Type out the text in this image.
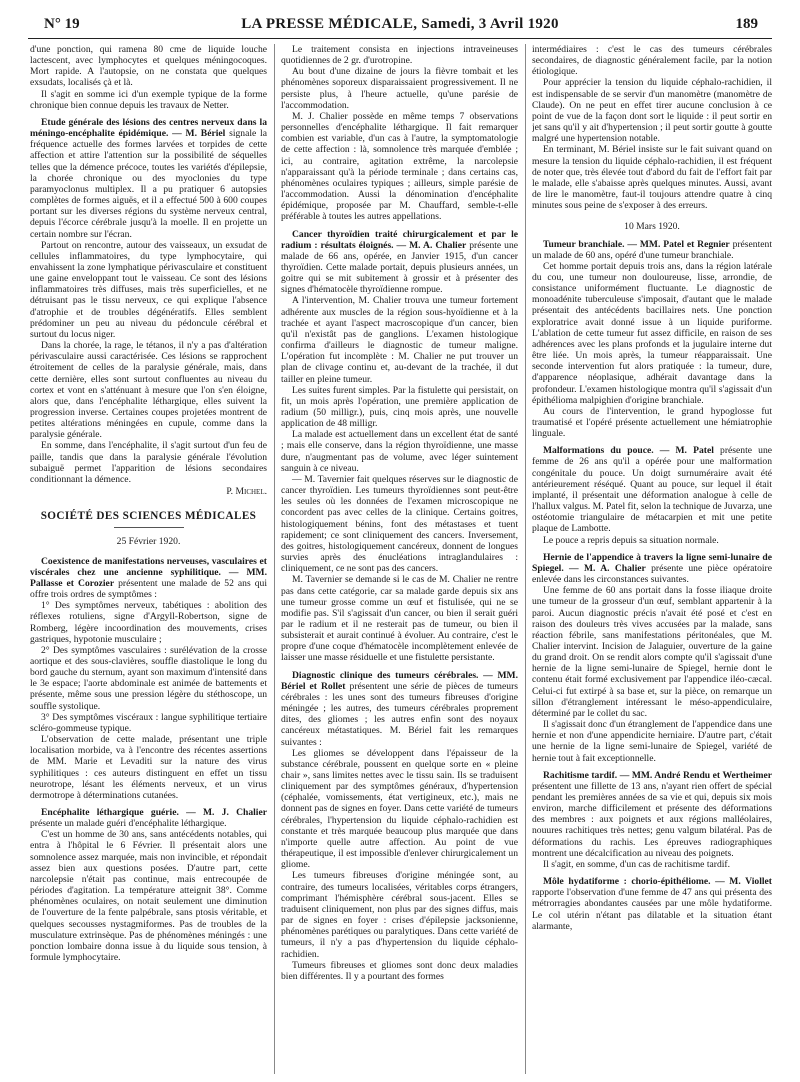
N° 19	LA PRESSE MÉDICALE, Samedi, 3 Avril 1920	189

d'une ponction, qui ramena 80 cme de liquide louche lactescent, avec lymphocytes et quelques méningocoques. Mort rapide. A l'autopsie, on ne constata que quelques exsudats, localisés çà et là.

Il s'agit en somme ici d'un exemple typique de la forme chronique bien connue depuis les travaux de Netter.

Etude générale des lésions des centres nerveux dans la méningo-encéphalite épidémique. — M. Bériel signale la fréquence actuelle des formes larvées et torpides de cette affection et attire l'attention sur la possibilité de séquelles telles que la démence précoce, toutes les variétés d'épilepsie, la chorée chronique ou des myoclonies du type paramyoclonus multiplex. Il a pu pratiquer 6 autopsies complètes de formes aiguës, et il a effectué 500 à 600 coupes portant sur les diverses régions du système nerveux central, depuis l'écorce cérébrale jusqu'à la moelle. Il en projette un certain nombre sur l'écran.

Partout on rencontre, autour des vaisseaux, un exsudat de cellules inflammatoires, du type lymphocytaire, qui envahissent la zone lymphatique périvasculaire et constituent une gaine enveloppant tout le vaisseau. Ce sont des lésions inflammatoires très diffuses, mais très superficielles, et ne détruisant pas le tissu nerveux, ce qui explique l'absence d'atrophie et de troubles dégénératifs. Elles semblent prédominer un peu au niveau du pédoncule cérébral et surtout du locus niger.

Dans la chorée, la rage, le tétanos, il n'y a pas d'altération périvasculaire aussi caractérisée. Ces lésions se rapprochent étroitement de celles de la paralysie générale, mais, dans cette dernière, elles sont surtout confluentes au niveau du cortex et vont en s'atténuant à mesure que l'on s'en éloigne, alors que, dans l'encéphalite léthargique, elles suivent la progression inverse. Certaines coupes projetées montrent de petites altérations méningées en cupule, comme dans la paralysie générale.

En somme, dans l'encéphalite, il s'agit surtout d'un feu de paille, tandis que dans la paralysie générale l'évolution subaiguë permet l'apparition de lésions secondaires conditionnant la démence.

P. Michel.
SOCIÉTÉ DES SCIENCES MÉDICALES
25 Février 1920.

Coexistence de manifestations nerveuses, vasculaires et viscérales chez une ancienne syphilitique. — MM. Pallasse et Corozier présentent une malade de 52 ans qui offre trois ordres de symptômes :

1° Des symptômes nerveux, tabétiques : abolition des réflexes rotuliens, signe d'Argyll-Robertson, signe de Romberg, légère incoordination des mouvements, crises gastriques, hypotonie musculaire ;

2° Des symptômes vasculaires : surélévation de la crosse aortique et des sous-clavières, souffle diastolique le long du bord gauche du sternum, ayant son maximum d'intensité dans le 3e espace; l'aorte abdominale est animée de battements et présente, même sous une pression légère du stéthoscope, un souffle systolique.

3° Des symptômes viscéraux : langue syphilitique tertiaire scléro-gommeuse typique.

L'observation de cette malade, présentant une triple localisation morbide, va à l'encontre des récentes assertions de MM. Marie et Levaditi sur la nature des virus syphilitiques : ces auteurs distinguent en effet un tissu neurotrope, lésant les éléments nerveux, et un virus dermotrope à déterminations cutanées.

Encéphalite léthargique guérie. — M. J. Chalier présente un malade guéri d'encéphalite léthargique.

C'est un homme de 30 ans, sans antécédents notables, qui entra à l'hôpital le 6 Février. Il présentait alors une somnolence assez marquée, mais non invincible, et répondait assez bien aux questions posées. D'autre part, cette narcolepsie n'était pas continue, mais entrecoupée de périodes d'agitation. La température atteignit 38°. Comme phénomènes oculaires, on notait seulement une diminution de l'ouverture de la fente palpébrale, sans ptosis véritable, et quelques secousses nystagmiformes. Pas de troubles de la musculature extrinsèque. Pas de phénomènes méningés : une ponction lombaire donna issue à du liquide sous tension, à formule lymphocytaire.

Le traitement consista en injections intraveineuses quotidiennes de 2 gr. d'urotropine.

Au bout d'une dizaine de jours la fièvre tombait et les phénomènes soporeux disparaissaient progressivement. Il ne persiste plus, à l'heure actuelle, qu'une parésie de l'accommodation.

M. J. Chalier possède en même temps 7 observations personnelles d'encéphalite léthargique. Il fait remarquer combien est variable, d'un cas à l'autre, la symptomatologie de cette affection : là, somnolence très marquée d'emblée ; ici, au contraire, agitation extrême, la narcolepsie n'apparaissant qu'à la période terminale ; dans certains cas, phénomènes oculaires typiques ; ailleurs, simple parésie de l'accommodation. Aussi la dénomination d'encéphalite épidémique, proposée par M. Chauffard, semble-t-elle préférable à toutes les autres appellations.

Cancer thyroïdien traité chirurgicalement et par le radium : résultats éloignés. — M. A. Chalier présente une malade de 66 ans, opérée, en Janvier 1915, d'un cancer thyroïdien. Cette malade portait, depuis plusieurs années, un goitre qui se mit subitement à grossir et à présenter des signes d'hématocèle thyroïdienne rompue.

A l'intervention, M. Chalier trouva une tumeur fortement adhérente aux muscles de la région sous-hyoïdienne et à la trachée et ayant l'aspect macroscopique d'un cancer, bien qu'il n'existât pas de ganglions. L'examen histologique confirma d'ailleurs le diagnostic de tumeur maligne. L'opération fut incomplète : M. Chalier ne put trouver un plan de clivage continu et, au-devant de la trachée, il dut tailler en pleine tumeur.

Les suites furent simples. Par la fistulette qui persistait, on fit, un mois après l'opération, une première application de radium (50 milligr.), puis, cinq mois après, une nouvelle application de 48 milligr.

La malade est actuellement dans un excellent état de santé ; mais elle conserve, dans la région thyroïdienne, une masse dure, n'augmentant pas de volume, avec léger suintement sanguin à ce niveau.

— M. Tavernier fait quelques réserves sur le diagnostic de cancer thyroïdien. Les tumeurs thyroïdiennes sont peut-être les seules où les données de l'examen microscopique ne concordent pas avec celles de la clinique. Certains goitres, histologiquement bénins, font des métastases et tuent rapidement; ce sont cliniquement des cancers. Inversement, des goitres, histologiquement cancéreux, donnent de longues survies après des énucléations intraglandulaires : cliniquement, ce ne sont pas des cancers.

M. Tavernier se demande si le cas de M. Chalier ne rentre pas dans cette catégorie, car sa malade garde depuis six ans une tumeur grosse comme un œuf et fistulisée, qui ne se modifie pas. S'il s'agissait d'un cancer, ou bien il serait guéri par le radium et il ne resterait pas de tumeur, ou bien il subsisterait et aurait continué à évoluer. Au contraire, c'est le propre d'une coque d'hématocèle incomplètement enlevée de laisser une masse résiduelle et une fistulette persistante.

Diagnostic clinique des tumeurs cérébrales. — MM. Bériel et Rollet présentent une série de pièces de tumeurs cérébrales : les unes sont des tumeurs fibreuses d'origine méningée ; les autres, des tumeurs cérébrales proprement dites, des gliomes ; les autres enfin sont des noyaux cancéreux métastatiques. M. Bériel fait les remarques suivantes :

Les gliomes se développent dans l'épaisseur de la substance cérébrale, poussent en quelque sorte en « pleine chair », sans limites nettes avec le tissu sain. Ils se traduisent cliniquement par des symptômes généraux, d'hypertension (céphalée, vomissements, état vertigineux, etc.), mais ne donnent pas de signes en foyer. Dans cette variété de tumeurs cérébrales, l'hypertension du liquide céphalo-rachidien est constante et très marquée beaucoup plus marquée que dans n'importe quelle autre affection. Au point de vue thérapeutique, il est impossible d'enlever chirurgicalement un gliome.

Les tumeurs fibreuses d'origine méningée sont, au contraire, des tumeurs localisées, véritables corps étrangers, comprimant l'hémisphère cérébral sous-jacent. Elles se traduisent cliniquement, non plus par des signes diffus, mais par de signes en foyer : crises d'épilepsie jacksonienne, phénomènes parétiques ou paralytiques. Dans cette variété de tumeurs, il n'y a pas d'hypertension du liquide céphalo-rachidien.

Tumeurs fibreuses et gliomes sont donc deux maladies bien différentes. Il y a pourtant des formes

intermédiaires : c'est le cas des tumeurs cérébrales secondaires, de diagnostic généralement facile, par la notion étiologique.

Pour apprécier la tension du liquide céphalo-rachidien, il est indispensable de se servir d'un manomètre (manomètre de Claude). On ne peut en effet tirer aucune conclusion à ce point de vue de la façon dont sort le liquide : il peut sortir en jet sans qu'il y ait d'hypertension ; il peut sortir goutte à goutte malgré une hypertension notable.

En terminant, M. Bériel insiste sur le fait suivant quand on mesure la tension du liquide céphalo-rachidien, il est fréquent de noter que, très élevée tout d'abord du fait de l'effort fait par le malade, elle s'abaisse après quelques minutes. Aussi, avant de lire le manomètre, faut-il toujours attendre quatre à cinq minutes sous peine de s'exposer à des erreurs.

10 Mars 1920.

Tumeur branchiale. — MM. Patel et Regnier présentent un malade de 60 ans, opéré d'une tumeur branchiale.

Cet homme portait depuis trois ans, dans la région latérale du cou, une tumeur non douloureuse, lisse, arrondie, de consistance uniformément fluctuante. Le diagnostic de monoadénite tuberculeuse s'imposait, d'autant que le malade présentait des antécédents bacillaires nets. Une ponction exploratrice avait donné issue à un liquide puriforme. L'ablation de cette tumeur fut assez difficile, en raison de ses adhérences avec les plans profonds et la jugulaire interne dut être liée. Un mois après, la tumeur réapparaissait. Une seconde intervention fut alors pratiquée : la tumeur, dure, d'apparence néoplasique, adhérait davantage dans la profondeur. L'examen histologique montra qu'il s'agissait d'un épithélioma malpighien d'origine branchiale.

Au cours de l'intervention, le grand hypoglosse fut traumatisé et l'opéré présente actuellement une hémiatrophie linguale.

Malformations du pouce. — M. Patel présente une femme de 26 ans qu'il a opérée pour une malformation congénitale du pouce. Un doigt surnuméraire avait été antérieurement réséqué. Quant au pouce, sur lequel il était implanté, il présentait une déformation analogue à celle de l'hallux valgus. M. Patel fit, selon la technique de Juvarza, une ostéotomie triangulaire de métacarpien et mit une petite plaque de Lambotte.

Le pouce a repris depuis sa situation normale.

Hernie de l'appendice à travers la ligne semi-lunaire de Spiegel. — M. A. Chalier présente une pièce opératoire enlevée dans les circonstances suivantes.

Une femme de 60 ans portait dans la fosse iliaque droite une tumeur de la grosseur d'un œuf, semblant appartenir à la paroi. Aucun diagnostic précis n'avait été posé et c'est en raison des douleurs très vives accusées par la malade, sans réaction fébrile, sans manifestations péritonéales, que M. Chalier intervint. Incision de Jalaguier, ouverture de la gaine du grand droit. On se rendit alors compte qu'il s'agissait d'une hernie de la ligne semi-lunaire de Spiegel, hernie dont le contenu était formé exclusivement par l'appendice iléo-cæcal. Celui-ci fut extirpé à sa base et, sur la pièce, on remarque un sillon d'étranglement intéressant le méso-appendiculaire, déterminé par le collet du sac.

Il s'agissait donc d'un étranglement de l'appendice dans une hernie et non d'une appendicite herniaire. D'autre part, c'était une hernie de la ligne semi-lunaire de Spiegel, variété de hernie tout à fait exceptionnelle.

Rachitisme tardif. — MM. André Rendu et Wertheimer présentent une fillette de 13 ans, n'ayant rien offert de spécial pendant les premières années de sa vie et qui, depuis six mois environ, marche difficilement et présente des déformations des membres : aux poignets et aux régions malléolaires, nouures rachitiques très nettes; genu valgum bilatéral. Pas de déformations du rachis. Les épreuves radiographiques montrent une décalcification au niveau des poignets.

Il s'agit, en somme, d'un cas de rachitisme tardif.

Môle hydatiforme : chorio-épithéliome. — M. Viollet rapporte l'observation d'une femme de 47 ans qui présenta des métrorragies abondantes causées par une môle hydatiforme. Le col utérin n'étant pas dilatable et la situation étant alarmante,
